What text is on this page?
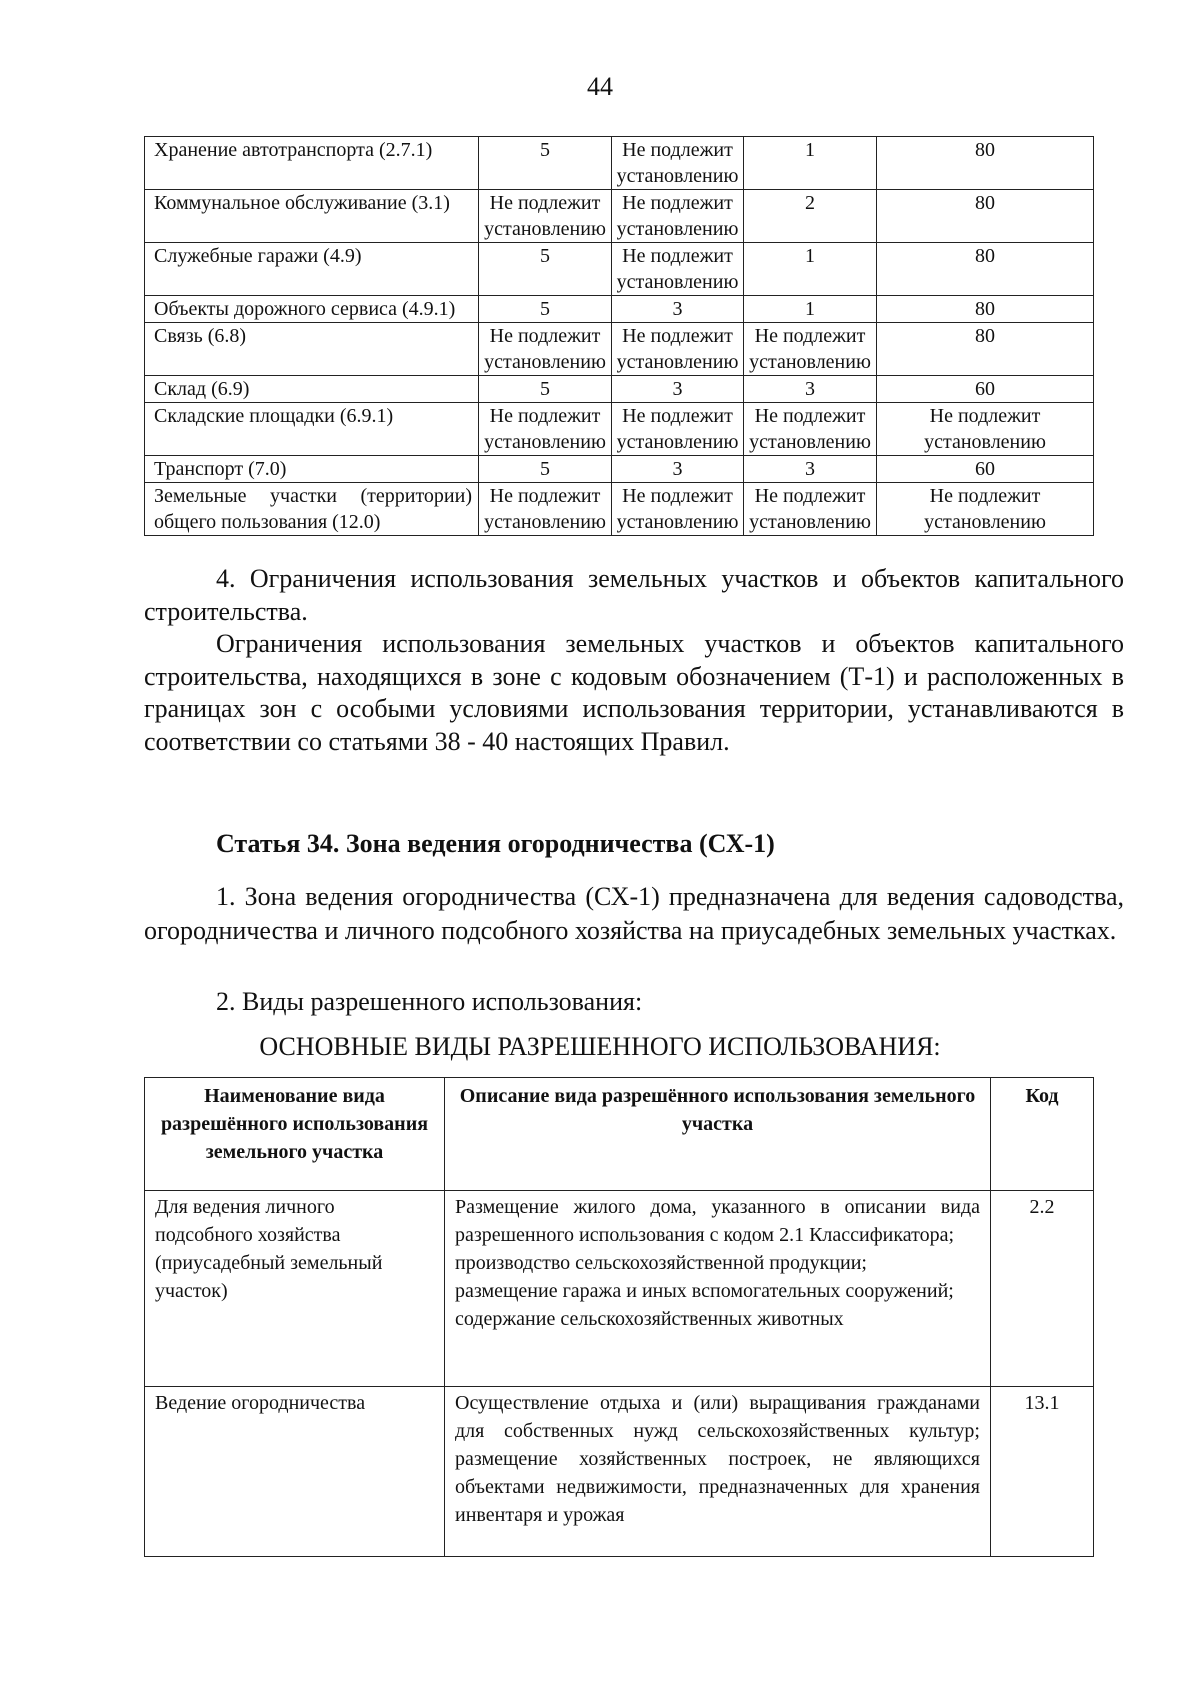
44
Хранение автотранспорта (2.7.1)	5	Не подлежит установлению	1	80
Коммунальное обслуживание (3.1)	Не подлежит установлению	Не подлежит установлению	2	80
Служебные гаражи (4.9)	5	Не подлежит установлению	1	80
Объекты дорожного сервиса (4.9.1)	5	3	1	80
Связь (6.8)	Не подлежит установлению	Не подлежит установлению	Не подлежит установлению	80
Склад (6.9)	5	3	3	60
Складские площадки (6.9.1)	Не подлежит установлению	Не подлежит установлению	Не подлежит установлению	Не подлежит установлению
Транспорт (7.0)	5	3	3	60
Земельные участки (территории) общего пользования (12.0)	Не подлежит установлению	Не подлежит установлению	Не подлежит установлению	Не подлежит установлению

4. Ограничения использования земельных участков и объектов капитального строительства.

Ограничения использования земельных участков и объектов капитального строительства, находящихся в зоне с кодовым обозначением (Т-1) и расположенных в границах зон с особыми условиями использования территории, устанавливаются в соответствии со статьями 38 - 40 настоящих Правил.

Статья 34. Зона ведения огородничества (СХ-1)

1. Зона ведения огородничества (СХ-1) предназначена для ведения садоводства, огородничества и личного подсобного хозяйства на приусадебных земельных участках.

2. Виды разрешенного использования:

ОСНОВНЫЕ ВИДЫ РАЗРЕШЕННОГО ИСПОЛЬЗОВАНИЯ:

Наименование вида разрешённого использования земельного участка	Описание вида разрешённого использования земельного участка	Код
Для ведения личного подсобного хозяйства (приусадебный земельный участок)	Размещение жилого дома, указанного в описании вида разрешенного использования с кодом 2.1 Классификатора;
производство сельскохозяйственной продукции;
размещение гаража и иных вспомогательных сооружений;
содержание сельскохозяйственных животных	2.2
Ведение огородничества	Осуществление отдыха и (или) выращивания гражданами для собственных нужд сельскохозяйственных культур; размещение хозяйственных построек, не являющихся объектами недвижимости, предназначенных для хранения инвентаря и урожая	13.1
